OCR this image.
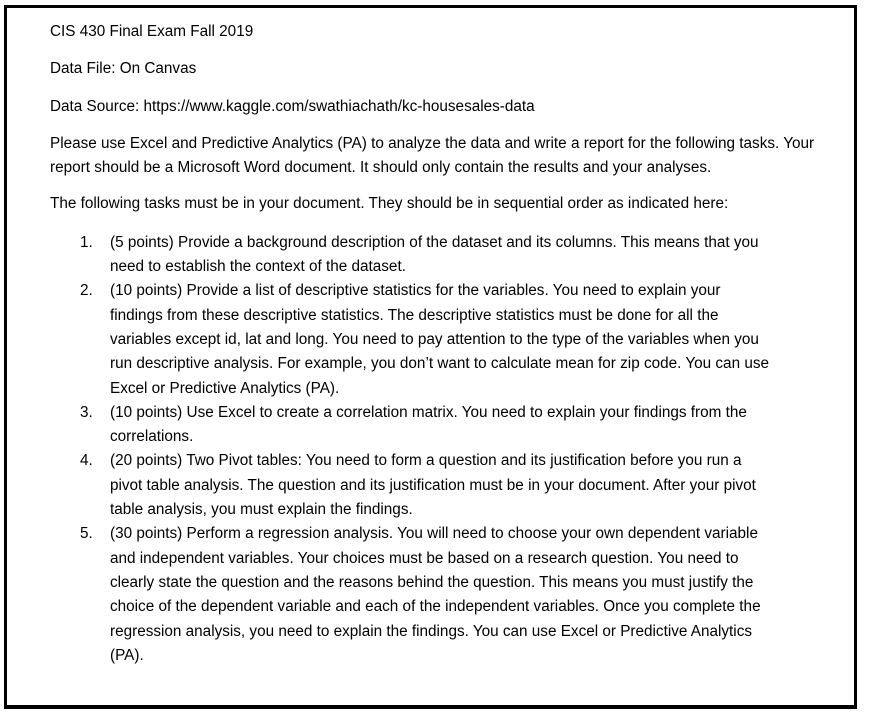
CIS 430 Final Exam Fall 2019

Data File: On Canvas

Data Source: https://www.kaggle.com/swathiachath/kc-housesales-data

Please use Excel and Predictive Analytics (PA) to analyze the data and write a report for the following tasks. Your report should be a Microsoft Word document. It should only contain the results and your analyses.

The following tasks must be in your document. They should be in sequential order as indicated here:

1. (5 points) Provide a background description of the dataset and its columns. This means that you need to establish the context of the dataset.
2. (10 points) Provide a list of descriptive statistics for the variables. You need to explain your findings from these descriptive statistics. The descriptive statistics must be done for all the variables except id, lat and long. You need to pay attention to the type of the variables when you run descriptive analysis. For example, you don’t want to calculate mean for zip code. You can use Excel or Predictive Analytics (PA).
3. (10 points) Use Excel to create a correlation matrix. You need to explain your findings from the correlations.
4. (20 points) Two Pivot tables: You need to form a question and its justification before you run a pivot table analysis. The question and its justification must be in your document. After your pivot table analysis, you must explain the findings.
5. (30 points) Perform a regression analysis. You will need to choose your own dependent variable and independent variables. Your choices must be based on a research question. You need to clearly state the question and the reasons behind the question. This means you must justify the choice of the dependent variable and each of the independent variables. Once you complete the regression analysis, you need to explain the findings. You can use Excel or Predictive Analytics (PA).
